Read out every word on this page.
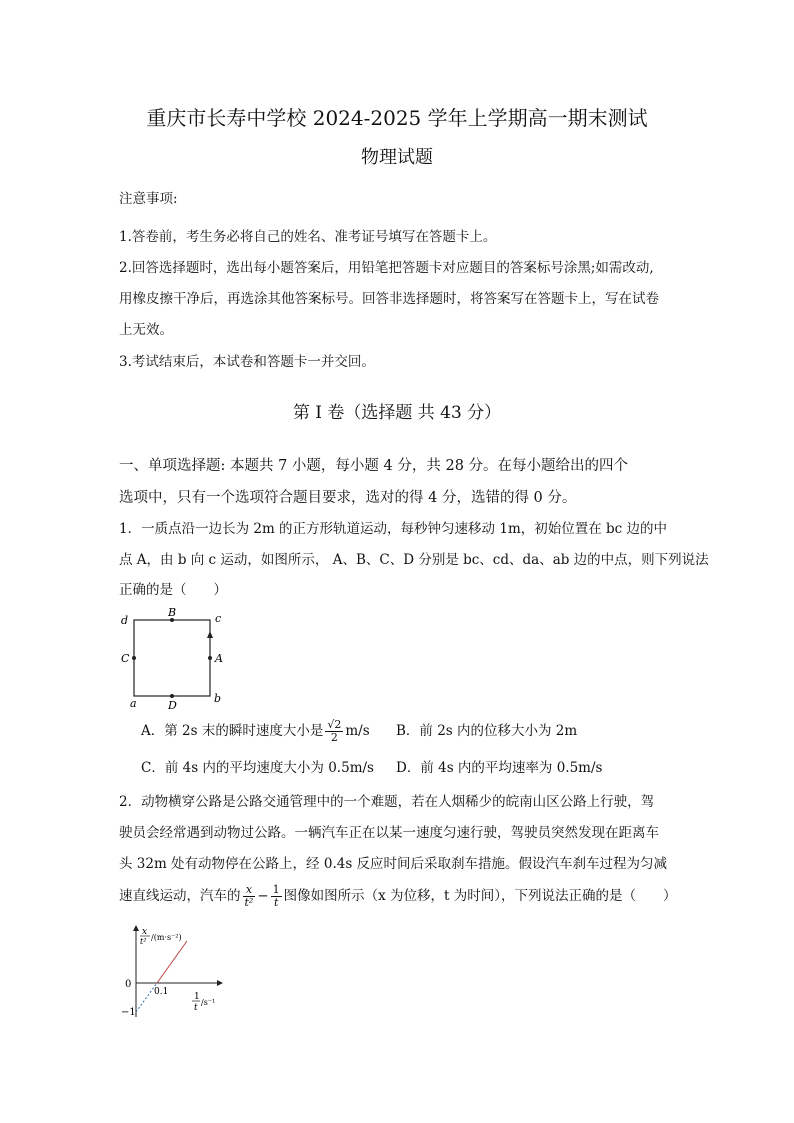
重庆市长寿中学校 2024-2025 学年上学期高一期末测试
物理试题
注意事项:
1.答卷前，考生务必将自己的姓名、准考证号填写在答题卡上。
2.回答选择题时，选出每小题答案后，用铅笔把答题卡对应题目的答案标号涂黑;如需改动,
用橡皮擦干净后，再选涂其他答案标号。回答非选择题时，将答案写在答题卡上，写在试卷
上无效。
3.考试结束后，本试卷和答题卡一并交回。
第 I 卷（选择题 共 43 分）
一、单项选择题: 本题共 7 小题，每小题 4 分，共 28 分。在每小题给出的四个
选项中，只有一个选项符合题目要求，选对的得 4 分，选错的得 0 分。
1．一质点沿一边长为 2m 的正方形轨道运动，每秒钟匀速移动 1m，初始位置在 bc 边的中
点 A，由 b 向 c 运动，如图所示， A、B、C、D 分别是 bc、cd、da、ab 边的中点，则下列说法
正确的是（　　）
d	c
B
C	A
a	b
D
A．第 2s 末的瞬时速度大小是 $\frac{√2}{2} m/s$ B．前 2s 内的位移大小为 2m
C．前 4s 内的平均速度大小为 0.5m/s D．前 4s 内的平均速率为 0.5m/s
2．动物横穿公路是公路交通管理中的一个难题，若在人烟稀少的皖南山区公路上行驶，驾
驶员会经常遇到动物过公路。一辆汽车正在以某一速度匀速行驶，驾驶员突然发现在距离车
头 32m 处有动物停在公路上，经 0.4s 反应时间后采取刹车措施。假设汽车刹车过程为匀减
速直线运动，汽车的 $\frac{x}{\text{t²}} - \frac{1}{t}$ 图像如图所示（x 为位移，t 为时间），下列说法正确的是（　　）
x
t² /(m·s⁻²)
0
0.1
−1
1
t
/s⁻¹
